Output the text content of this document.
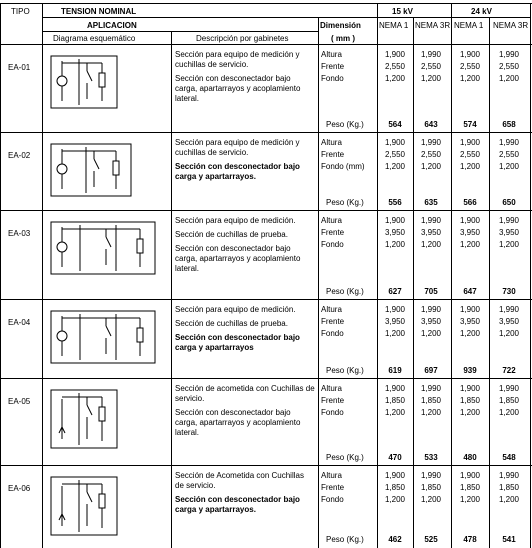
TIPO	TENSION NOMINAL
APLICACION
Diagrama esquemático	Descripción por gabinetes
Dimensión
( mm )
15 kV	24 kV
NEMA 1 NEMA 3R NEMA 1 NEMA 3R
EA-01
Sección para equipo de medición y cuchillas de servicio.
Sección con desconectador bajo carga, apartarrayos y acoplamiento lateral.
Altura	1,900	1,990	1,900	1,990
Frente	2,550	2,550	2,550	2,550
Fondo	1,200	1,200	1,200	1,200
Peso (Kg.)	564	643	574	658
EA-02
Sección para equipo de medición y cuchillas de servicio.
Sección con desconectador bajo carga y apartarrayos.
Altura	1,900	1,990	1,900	1,990
Frente	2,550	2,550	2,550	2,550
Fondo (mm)	1,200	1,200	1,200	1,200
Peso (Kg.)	556	635	566	650
EA-03
Sección para equipo de medición.
Sección de cuchillas de prueba.
Sección con desconectador bajo carga, apartarrayos y acoplamiento lateral.
Altura	1,900	1,990	1,900	1,990
Frente	3,950	3,950	3,950	3,950
Fondo	1,200	1,200	1,200	1,200
Peso (Kg.)	627	705	647	730
EA-04
Sección para equipo de medición.
Sección de cuchillas de prueba.
Sección con desconectador bajo carga y apartarrayos
Altura	1,900	1,990	1,900	1,990
Frente	3,950	3,950	3,950	3,950
Fondo	1,200	1,200	1,200	1,200
Peso (Kg.)	619	697	939	722
EA-05
Sección de acometida con Cuchillas de servicio.
Sección con desconectador bajo carga, apartarrayos y acoplamiento lateral.
Altura	1,900	1,990	1,900	1,990
Frente	1,850	1,850	1,850	1,850
Fondo	1,200	1,200	1,200	1,200
Peso (Kg.)	470	533	480	548
EA-06
Sección de Acometida con Cuchillas de servicio.
Sección con desconectador bajo carga y apartarrayos.
Altura	1,900	1,990	1,900	1,990
Frente	1,850	1,850	1,850	1,850
Fondo	1,200	1,200	1,200	1,200
Peso (Kg.)	462	525	478	541
